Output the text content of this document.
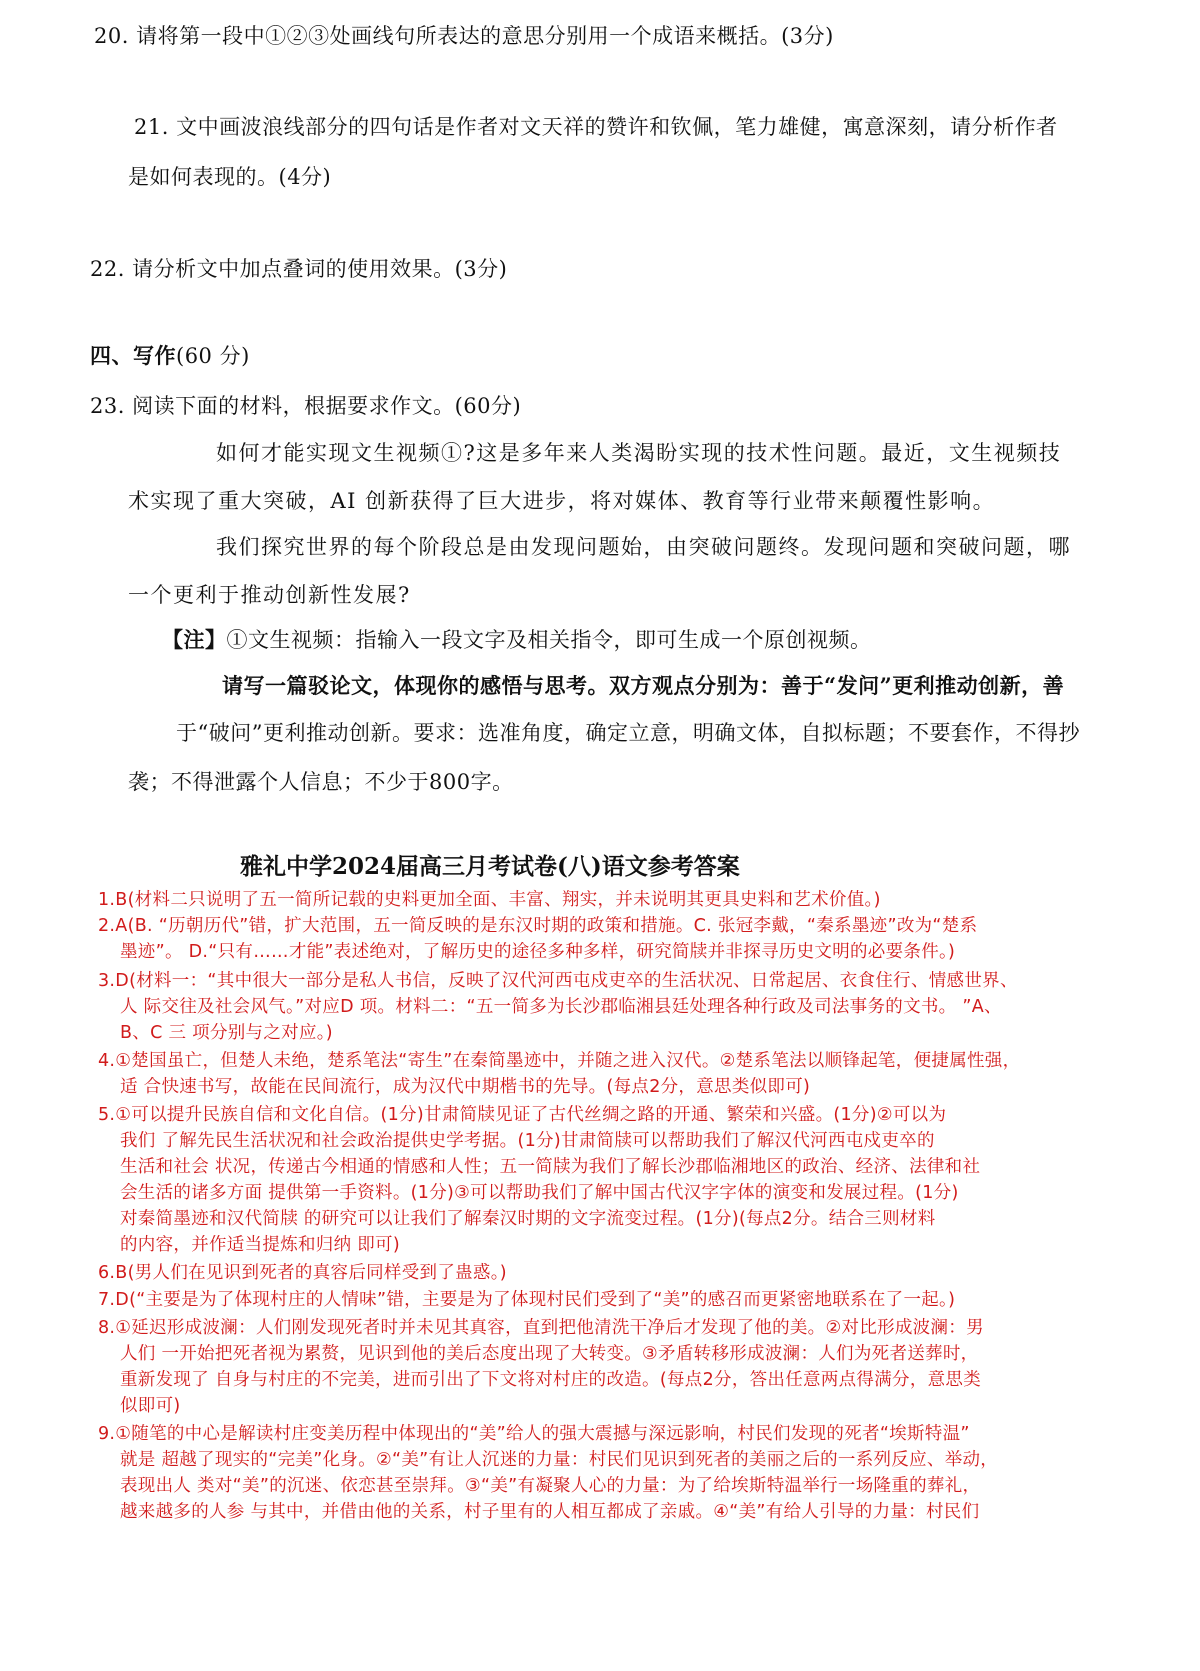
20. 请将第一段中①②③处画线句所表达的意思分别用一个成语来概括。(3分)
21. 文中画波浪线部分的四句话是作者对文天祥的赞许和钦佩，笔力雄健，寓意深刻，请分析作者
是如何表现的。(4分)
22. 请分析文中加点叠词的使用效果。(3分)
四、写作(60 分)
23. 阅读下面的材料，根据要求作文。(60分)
如何才能实现文生视频①?这是多年来人类渴盼实现的技术性问题。最近，文生视频技
术实现了重大突破，AI 创新获得了巨大进步，将对媒体、教育等行业带来颠覆性影响。
我们探究世界的每个阶段总是由发现问题始，由突破问题终。发现问题和突破问题，哪
一个更利于推动创新性发展?
【注】①文生视频：指输入一段文字及相关指令，即可生成一个原创视频。
请写一篇驳论文，体现你的感悟与思考。双方观点分别为：善于“发问”更利推动创新，善
于“破问”更利推动创新。要求：选准角度，确定立意，明确文体，自拟标题；不要套作，不得抄
袭；不得泄露个人信息；不少于800字。
雅礼中学2024届高三月考试卷(八)语文参考答案
1.B(材料二只说明了五一简所记载的史料更加全面、丰富、翔实，并未说明其更具史料和艺术价值。)
2.A(B. “历朝历代”错，扩大范围，五一简反映的是东汉时期的政策和措施。C. 张冠李戴，“秦系墨迹”改为“楚系
墨迹”。 D.“只有……才能”表述绝对，了解历史的途径多种多样，研究简牍并非探寻历史文明的必要条件。)
3.D(材料一：“其中很大一部分是私人书信，反映了汉代河西屯戍吏卒的生活状况、日常起居、衣食住行、情感世界、
人 际交往及社会风气。”对应D 项。材料二：“五一简多为长沙郡临湘县廷处理各种行政及司法事务的文书。 ”A、
B、C 三 项分别与之对应。)
4.①楚国虽亡，但楚人未绝，楚系笔法“寄生”在秦简墨迹中，并随之进入汉代。②楚系笔法以顺锋起笔，便捷属性强，
适 合快速书写，故能在民间流行，成为汉代中期楷书的先导。(每点2分，意思类似即可)
5.①可以提升民族自信和文化自信。(1分)甘肃简牍见证了古代丝绸之路的开通、繁荣和兴盛。(1分)②可以为
我们 了解先民生活状况和社会政治提供史学考据。(1分)甘肃简牍可以帮助我们了解汉代河西屯戍吏卒的
生活和社会 状况，传递古今相通的情感和人性；五一简牍为我们了解长沙郡临湘地区的政治、经济、法律和社
会生活的诸多方面 提供第一手资料。(1分)③可以帮助我们了解中国古代汉字字体的演变和发展过程。(1分)
对秦简墨迹和汉代简牍 的研究可以让我们了解秦汉时期的文字流变过程。(1分)(每点2分。结合三则材料
的内容，并作适当提炼和归纳 即可)
6.B(男人们在见识到死者的真容后同样受到了蛊惑。)
7.D(“主要是为了体现村庄的人情味”错，主要是为了体现村民们受到了“美”的感召而更紧密地联系在了一起。)
8.①延迟形成波澜：人们刚发现死者时并未见其真容，直到把他清洗干净后才发现了他的美。②对比形成波澜：男
人们 一开始把死者视为累赘，见识到他的美后态度出现了大转变。③矛盾转移形成波澜：人们为死者送葬时，
重新发现了 自身与村庄的不完美，进而引出了下文将对村庄的改造。(每点2分，答出任意两点得满分，意思类
似即可)
9.①随笔的中心是解读村庄变美历程中体现出的“美”给人的强大震撼与深远影响，村民们发现的死者“埃斯特温”
就是 超越了现实的“完美”化身。②“美”有让人沉迷的力量：村民们见识到死者的美丽之后的一系列反应、举动，
表现出人 类对“美”的沉迷、依恋甚至崇拜。③“美”有凝聚人心的力量：为了给埃斯特温举行一场隆重的葬礼，
越来越多的人参 与其中，并借由他的关系，村子里有的人相互都成了亲戚。④“美”有给人引导的力量：村民们
